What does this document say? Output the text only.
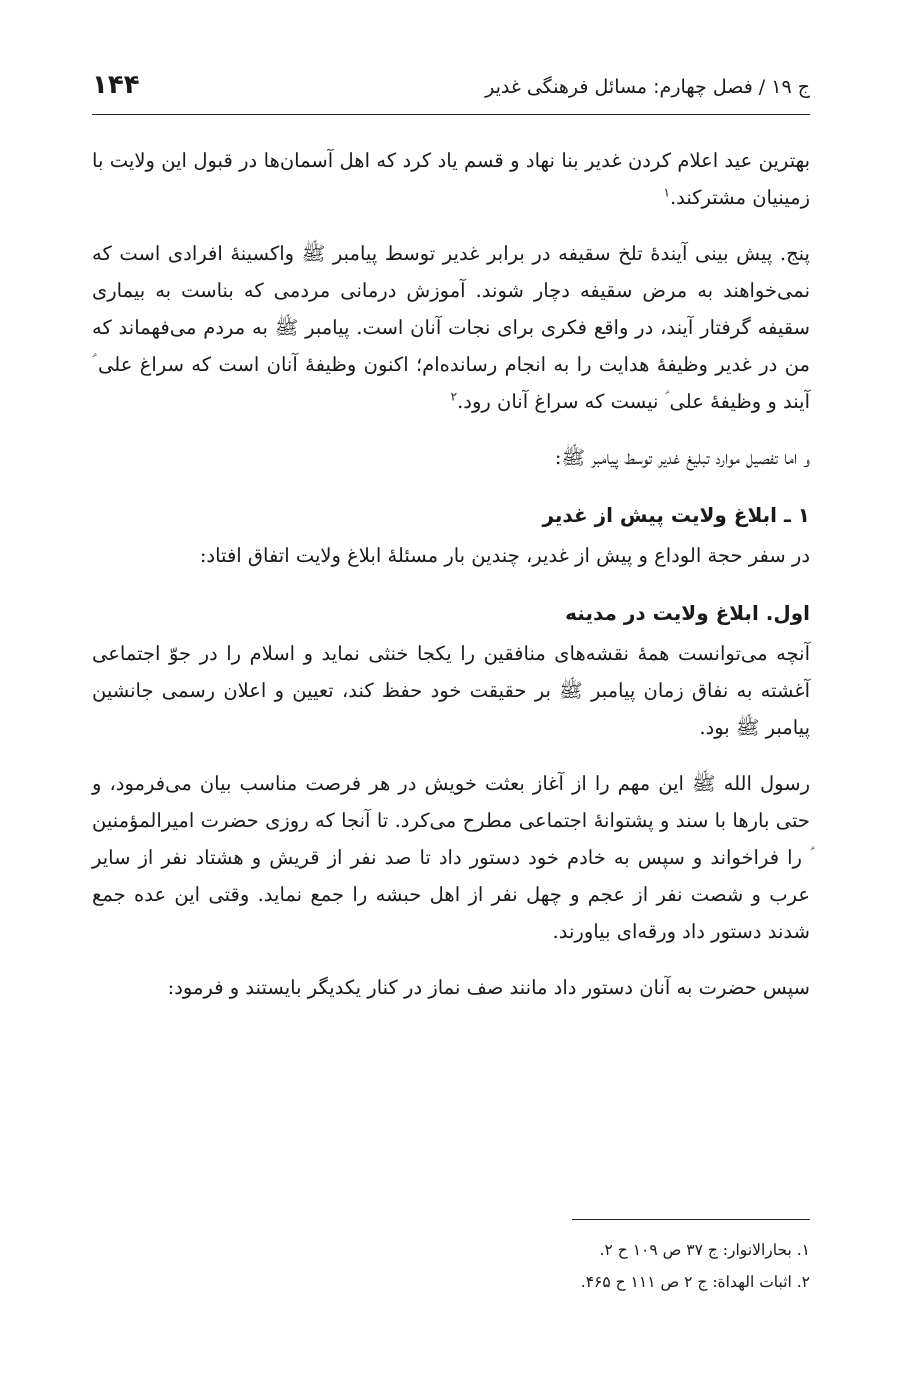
ج ۱۹ / فصل چهارم: مسائل فرهنگی غدیر
۱۴۴

بهترین عید اعلام کردن غدیر بنا نهاد و قسم یاد کرد که اهل آسمان‌ها در قبول این ولایت با زمینیان مشترکند.$^۱$

پنج. پیش بینی آیندۀ تلخ سقیفه در برابر غدیر توسط پیامبر ﷺ واکسینۀ افرادی است که نمی‌خواهند به مرض سقیفه دچار شوند. آموزش درمانی مردمی که بناست به بیماری سقیفه گرفتار آیند، در واقع فکری برای نجات آنان است. پیامبر ﷺ به مردم می‌فهماند که من در غدیر وظیفۀ هدایت را به انجام رسانده‌ام؛ اکنون وظیفۀ آنان است که سراغ علی ؑ آیند و وظیفۀ علی ؑ نیست که سراغ آنان رود.$^۲$

و اما تفصیل موارد تبلیغ غدیر توسط پیامبر ﷺ:

۱ ـ ابلاغ ولایت پیش از غدیر

در سفر حجة الوداع و پیش از غدیر، چندین بار مسئلۀ ابلاغ ولایت اتفاق افتاد:

اول. ابلاغ ولایت در مدینه

آنچه می‌توانست همۀ نقشه‌های منافقین را یکجا خنثی نماید و اسلام را در جوّ اجتماعی آغشته به نفاق زمان پیامبر ﷺ بر حقیقت خود حفظ کند، تعیین و اعلان رسمی جانشین پیامبر ﷺ بود.

رسول الله ﷺ این مهم را از آغاز بعثت خویش در هر فرصت مناسب بیان می‌فرمود، و حتی بارها با سند و پشتوانۀ اجتماعی مطرح می‌کرد. تا آنجا که روزی حضرت امیرالمؤمنین ؑ را فراخواند و سپس به خادم خود دستور داد تا صد نفر از قریش و هشتاد نفر از سایر عرب و شصت نفر از عجم و چهل نفر از اهل حبشه را جمع نماید. وقتی این عده جمع شدند دستور داد ورقه‌ای بیاورند.

سپس حضرت به آنان دستور داد مانند صف نماز در کنار یکدیگر بایستند و فرمود:

۱. بحارالانوار: ج ۳۷ ص ۱۰۹ ح ۲.

۲. اثبات الهداة: ج ۲ ص ۱۱۱ ح ۴۶۵.
